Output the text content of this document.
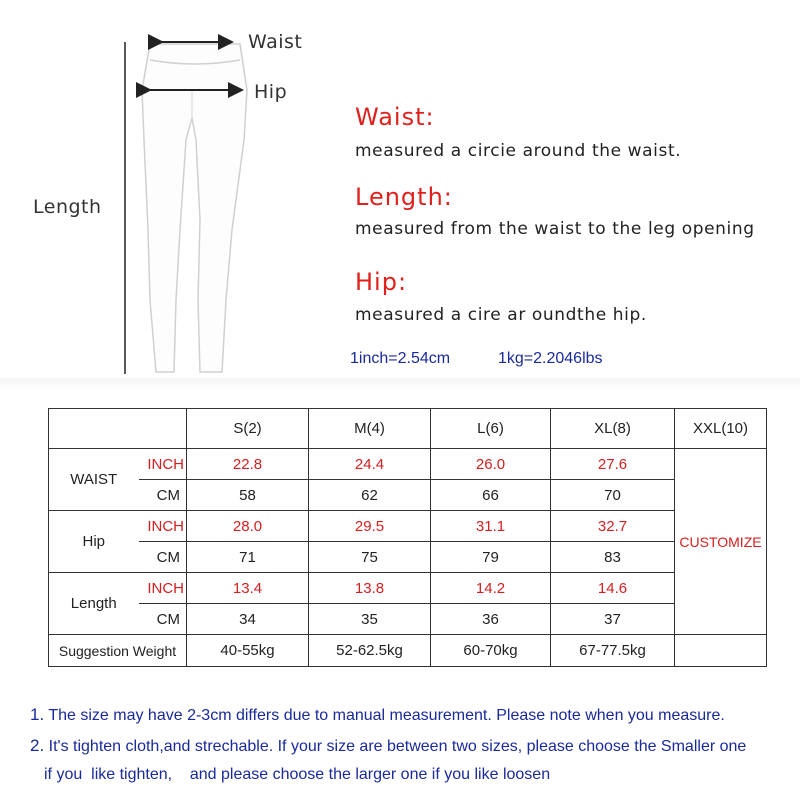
Waist
Hip
Length
Waist:
measured a circie around the waist.
Length:
measured from the waist to the leg opening
Hip:
measured a cire ar oundthe hip.
1inch=2.54cm	1kg=2.2046lbs
		S(2)	M(4)	L(6)	XL(8)	XXL(10)
WAIST	INCH	22.8	24.4	26.0	27.6	CUSTOMIZE
	CM	58	62	66	70	
Hip	INCH	28.0	29.5	31.1	32.7	
	CM	71	75	79	83	
Length	INCH	13.4	13.8	14.2	14.6	
	CM	34	35	36	37	
Suggestion Weight		40-55kg	52-62.5kg	60-70kg	67-77.5kg	
1. The size may have 2-3cm differs due to manual measurement. Please note when you measure.
2. It's tighten cloth,and strechable. If your size are between two sizes, please choose the Smaller one
if you  like tighten,    and please choose the larger one if you like loosen
